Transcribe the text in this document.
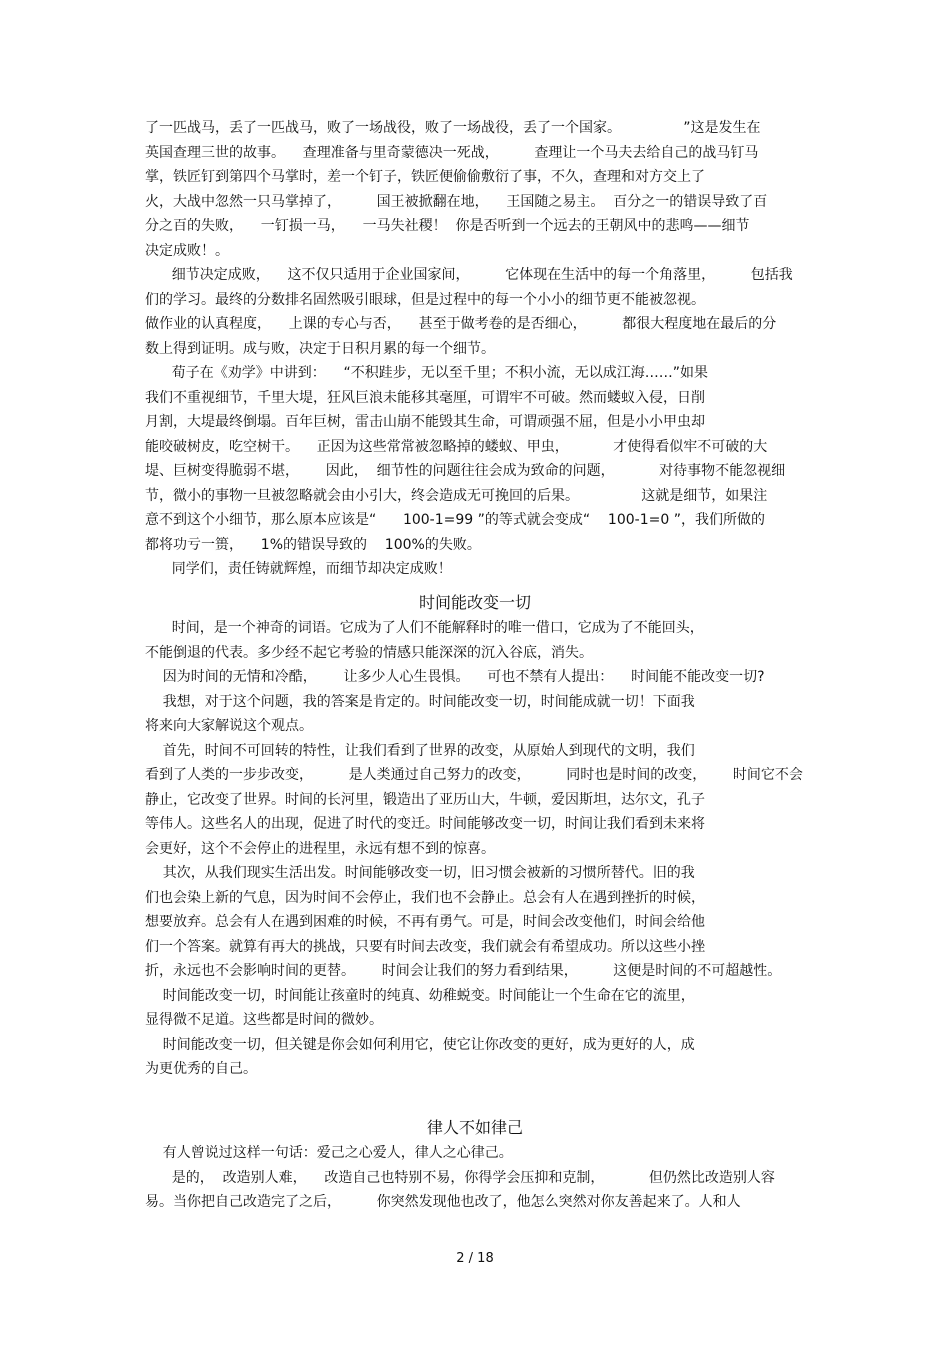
了一匹战马，丢了一匹战马，败了一场战役，败了一场战役，丢了一个国家。              ”这是发生在
英国查理三世的故事。    查理准备与里奇蒙德决一死战，        查理让一个马夫去给自己的战马钉马
掌，铁匠钉到第四个马掌时，差一个钉子，铁匠便偷偷敷衍了事，不久，查理和对方交上了
火，大战中忽然一只马掌掉了，        国王被掀翻在地，    王国随之易主。  百分之一的错误导致了百
分之百的失败，    一钉损一马，    一马失社稷！  你是否听到一个远去的王朝风中的悲鸣——细节
决定成败！。
细节决定成败，    这不仅只适用于企业国家间，        它体现在生活中的每一个角落里，        包括我
们的学习。最终的分数排名固然吸引眼球，但是过程中的每一个小小的细节更不能被忽视。
做作业的认真程度，    上课的专心与否，    甚至于做考卷的是否细心，        都很大程度地在最后的分
数上得到证明。成与败，决定于日积月累的每一个细节。
荀子在《劝学》中讲到：    “不积跬步，无以至千里；不积小流，无以成江海……”如果
我们不重视细节，千里大堤，狂风巨浪未能移其毫厘，可谓牢不可破。然而蝼蚁入侵，日削
月割，大堤最终倒塌。百年巨树，雷击山崩不能毁其生命，可谓顽强不屈，但是小小甲虫却
能咬破树皮，吃空树干。    正因为这些常常被忽略掉的蝼蚁、甲虫，          才使得看似牢不可破的大
堤、巨树变得脆弱不堪，      因此，  细节性的问题往往会成为致命的问题，          对待事物不能忽视细
节，微小的事物一旦被忽略就会由小引大，终会造成无可挽回的后果。              这就是细节，如果注
意不到这个小细节，那么原本应该是“      100-1=99 ”的等式就会变成“    100-1=0 ”，我们所做的
都将功亏一篑，    1%的错误导致的    100%的失败。
同学们，责任铸就辉煌，而细节却决定成败！
时间能改变一切
时间，是一个神奇的词语。它成为了人们不能解释时的唯一借口，它成为了不能回头，
不能倒退的代表。多少经不起它考验的情感只能深深的沉入谷底，消失。
因为时间的无情和冷酷，      让多少人心生畏惧。    可也不禁有人提出：    时间能不能改变一切?
我想，对于这个问题，我的答案是肯定的。时间能改变一切，时间能成就一切！下面我
将来向大家解说这个观点。
首先，时间不可回转的特性，让我们看到了世界的改变，从原始人到现代的文明，我们
看到了人类的一步步改变，        是人类通过自己努力的改变，        同时也是时间的改变，      时间它不会
静止，它改变了世界。时间的长河里，锻造出了亚历山大，牛顿，爱因斯坦，达尔文，孔子
等伟人。这些名人的出现，促进了时代的变迁。时间能够改变一切，时间让我们看到未来将
会更好，这个不会停止的进程里，永远有想不到的惊喜。
其次，从我们现实生活出发。时间能够改变一切，旧习惯会被新的习惯所替代。旧的我
们也会染上新的气息，因为时间不会停止，我们也不会静止。总会有人在遇到挫折的时候，
想要放弃。总会有人在遇到困难的时候，不再有勇气。可是，时间会改变他们，时间会给他
们一个答案。就算有再大的挑战，只要有时间去改变，我们就会有希望成功。所以这些小挫
折，永远也不会影响时间的更替。      时间会让我们的努力看到结果，        这便是时间的不可超越性。
时间能改变一切，时间能让孩童时的纯真、幼稚蜕变。时间能让一个生命在它的流里，
显得微不足道。这些都是时间的微妙。
时间能改变一切，但关键是你会如何利用它，使它让你改变的更好，成为更好的人，成
为更优秀的自己。
律人不如律己
有人曾说过这样一句话：爱己之心爱人，律人之心律己。
是的，  改造别人难，    改造自己也特别不易，你得学会压抑和克制，          但仍然比改造别人容
易。当你把自己改造完了之后，        你突然发现他也改了，他怎么突然对你友善起来了。人和人
2 / 18
